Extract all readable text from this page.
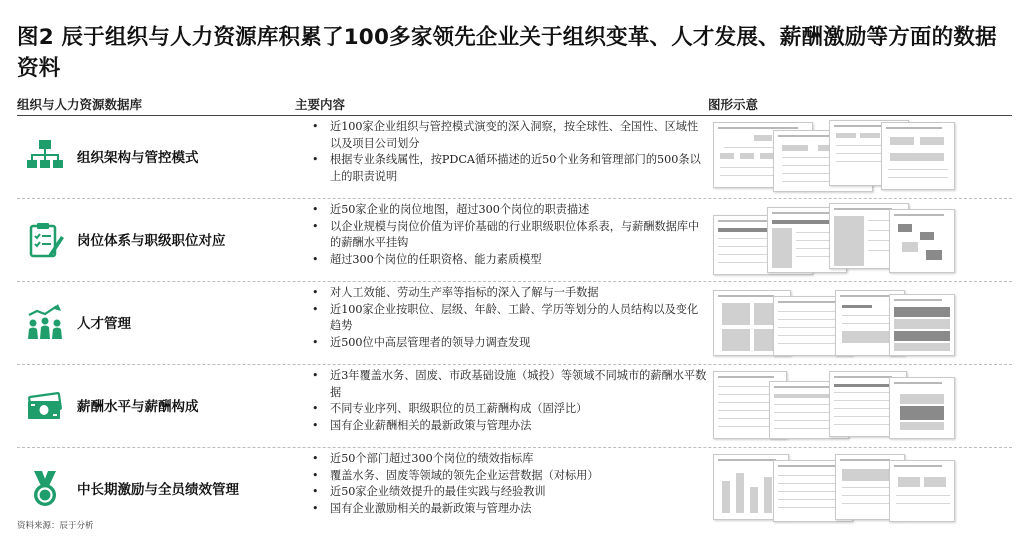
图2 辰于组织与人力资源库积累了100多家领先企业关于组织变革、人才发展、薪酬激励等方面的数据资料
组织与人力资源数据库	主要内容	图形示意
组织架构与管控模式
• 近100家企业组织与管控模式演变的深入洞察，按全球性、全国性、区域性以及项目公司划分
• 根据专业条线属性，按PDCA循环描述的近50个业务和管理部门的500条以上的职责说明
岗位体系与职级职位对应
• 近50家企业的岗位地图，超过300个岗位的职责描述
• 以企业规模与岗位价值为评价基础的行业职级职位体系表，与薪酬数据库中的薪酬水平挂钩
• 超过300个岗位的任职资格、能力素质模型
人才管理
• 对人工效能、劳动生产率等指标的深入了解与一手数据
• 近100家企业按职位、层级、年龄、工龄、学历等划分的人员结构以及变化趋势
• 近500位中高层管理者的领导力调查发现
薪酬水平与薪酬构成
• 近3年覆盖水务、固废、市政基础设施（城投）等领域不同城市的薪酬水平数据
• 不同专业序列、职级职位的员工薪酬构成（固浮比）
• 国有企业薪酬相关的最新政策与管理办法
中长期激励与全员绩效管理
• 近50个部门超过300个岗位的绩效指标库
• 覆盖水务、固废等领域的领先企业运营数据（对标用）
• 近50家企业绩效提升的最佳实践与经验教训
• 国有企业激励相关的最新政策与管理办法
资料来源：辰于分析
